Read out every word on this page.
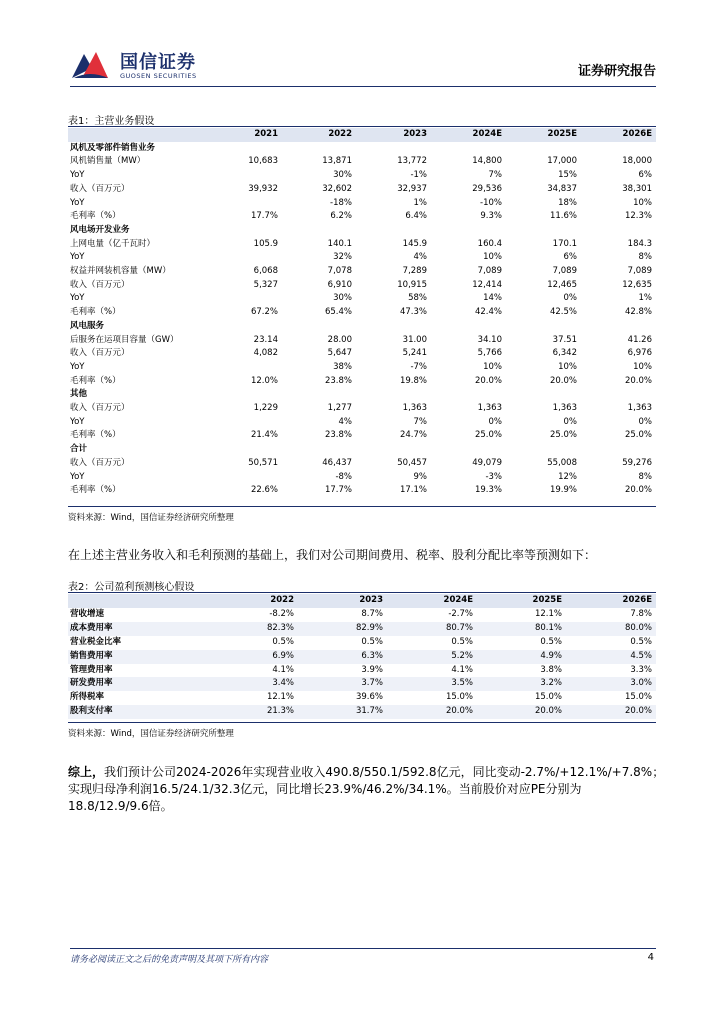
国信证券
GUOSEN SECURITIES	证券研究报告
表1：主营业务假设
	2021	2022	2023	2024E	2025E	2026E
风机及零部件销售业务						
风机销售量（MW）	10,683	13,871	13,772	14,800	17,000	18,000
YoY		30%	-1%	7%	15%	6%
收入（百万元）	39,932	32,602	32,937	29,536	34,837	38,301
YoY		-18%	1%	-10%	18%	10%
毛利率（%）	17.7%	6.2%	6.4%	9.3%	11.6%	12.3%
风电场开发业务						
上网电量（亿千瓦时）	105.9	140.1	145.9	160.4	170.1	184.3
YoY		32%	4%	10%	6%	8%
权益并网装机容量（MW）	6,068	7,078	7,289	7,089	7,089	7,089
收入（百万元）	5,327	6,910	10,915	12,414	12,465	12,635
YoY		30%	58%	14%	0%	1%
毛利率（%）	67.2%	65.4%	47.3%	42.4%	42.5%	42.8%
风电服务						
后服务在运项目容量（GW）	23.14	28.00	31.00	34.10	37.51	41.26
收入（百万元）	4,082	5,647	5,241	5,766	6,342	6,976
YoY		38%	-7%	10%	10%	10%
毛利率（%）	12.0%	23.8%	19.8%	20.0%	20.0%	20.0%
其他						
收入（百万元）	1,229	1,277	1,363	1,363	1,363	1,363
YoY		4%	7%	0%	0%	0%
毛利率（%）	21.4%	23.8%	24.7%	25.0%	25.0%	25.0%
合计						
收入（百万元）	50,571	46,437	50,457	49,079	55,008	59,276
YoY		-8%	9%	-3%	12%	8%
毛利率（%）	22.6%	17.7%	17.1%	19.3%	19.9%	20.0%
资料来源：Wind，国信证券经济研究所整理
在上述主营业务收入和毛利预测的基础上，我们对公司期间费用、税率、股利分配比率等预测如下：
表2：公司盈利预测核心假设
	2022	2023	2024E	2025E	2026E
营收增速	-8.2%	8.7%	-2.7%	12.1%	7.8%
成本费用率	82.3%	82.9%	80.7%	80.1%	80.0%
营业税金比率	0.5%	0.5%	0.5%	0.5%	0.5%
销售费用率	6.9%	6.3%	5.2%	4.9%	4.5%
管理费用率	4.1%	3.9%	4.1%	3.8%	3.3%
研发费用率	3.4%	3.7%	3.5%	3.2%	3.0%
所得税率	12.1%	39.6%	15.0%	15.0%	15.0%
股利支付率	21.3%	31.7%	20.0%	20.0%	20.0%
资料来源：Wind，国信证券经济研究所整理
综上，我们预计公司2024-2026年实现营业收入490.8/550.1/592.8亿元，同比变动-2.7%/+12.1%/+7.8%；
实现归母净利润16.5/24.1/32.3亿元，同比增长23.9%/46.2%/34.1%。当前股价对应PE分别为
18.8/12.9/9.6倍。
请务必阅读正文之后的免责声明及其项下所有内容	4
